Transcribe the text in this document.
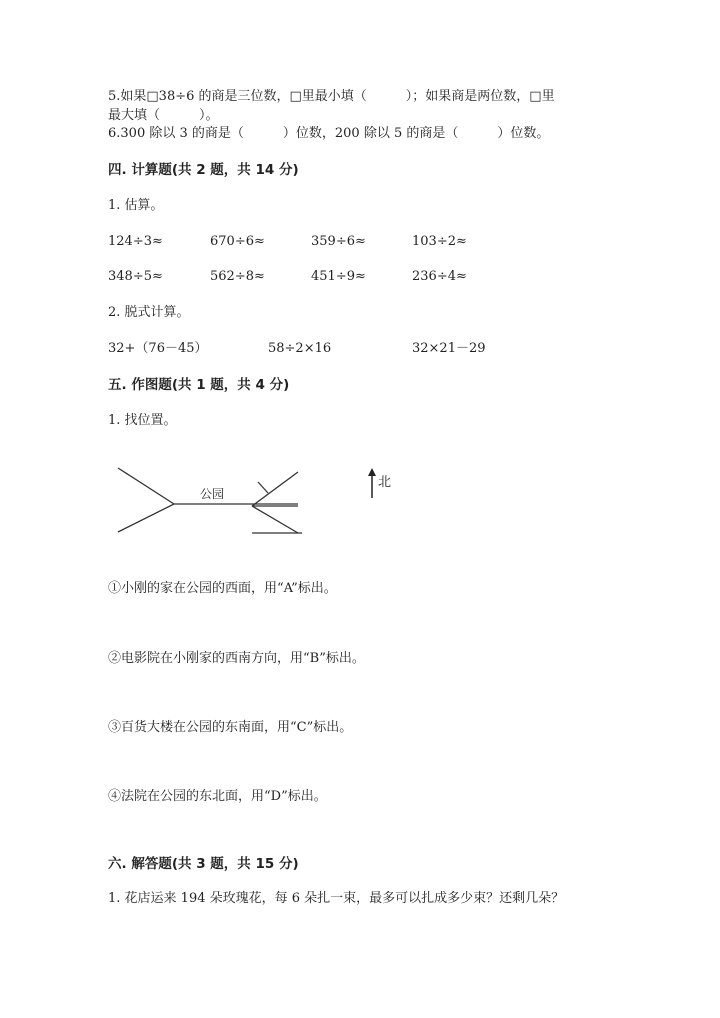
5.如果□38÷6 的商是三位数，□里最小填（　　　）；如果商是两位数，□里
最大填（　　　）。
6.300 除以 3 的商是（　　　）位数，200 除以 5 的商是（　　　）位数。
四. 计算题(共 2 题，共 14 分)
1. 估算。
124÷3≈	670÷6≈	359÷6≈	103÷2≈
348÷5≈	562÷8≈	451÷9≈	236÷4≈
2. 脱式计算。
32+（76－45）	58÷2×16	32×21－29
五. 作图题(共 1 题，共 4 分)
1. 找位置。
公园
北
①小刚的家在公园的西面，用“A”标出。
②电影院在小刚家的西南方向，用“B”标出。
③百货大楼在公园的东南面，用“C”标出。
④法院在公园的东北面，用“D”标出。
六. 解答题(共 3 题，共 15 分)
1. 花店运来 194 朵玫瑰花，每 6 朵扎一束，最多可以扎成多少束？还剩几朵？
